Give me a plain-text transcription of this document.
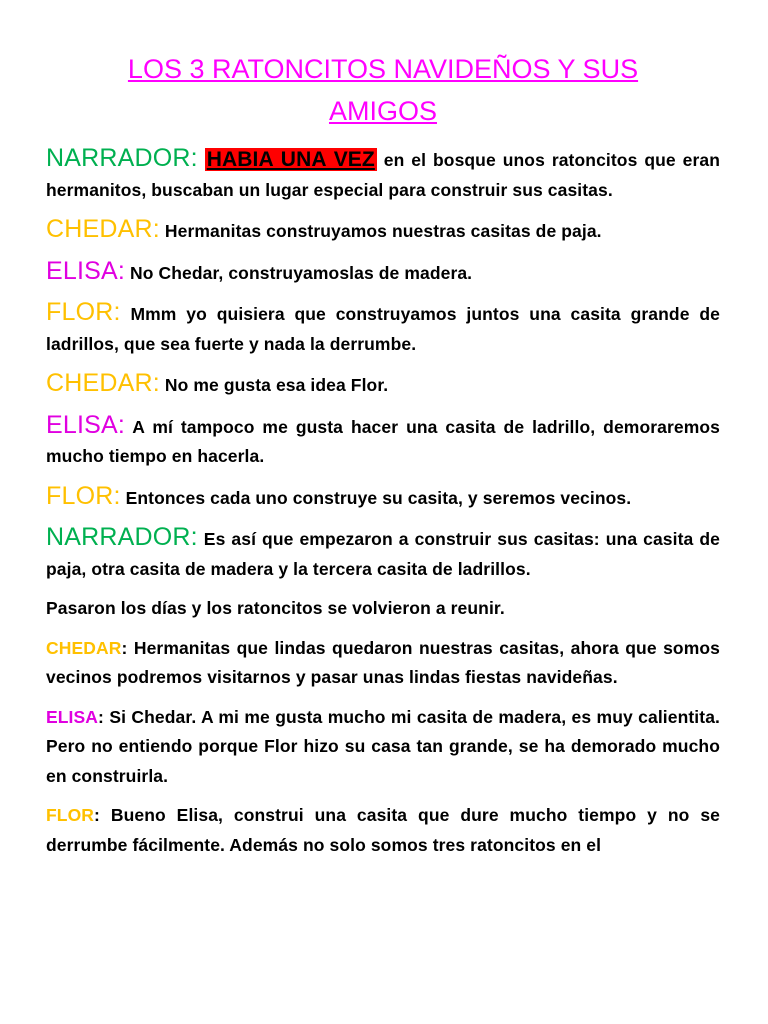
LOS 3 RATONCITOS NAVIDEÑOS Y SUS
AMIGOS

NARRADOR: HABIA UNA VEZ en el bosque unos ratoncitos que eran hermanitos, buscaban un lugar especial para construir sus casitas.

CHEDAR: Hermanitas construyamos nuestras casitas de paja.

ELISA: No Chedar, construyamoslas de madera.

FLOR: Mmm yo quisiera que construyamos juntos una casita grande de ladrillos, que sea fuerte y nada la derrumbe.

CHEDAR: No me gusta esa idea Flor.

ELISA: A mí tampoco me gusta hacer una casita de ladrillo, demoraremos mucho tiempo en hacerla.

FLOR: Entonces cada uno construye su casita, y seremos vecinos.

NARRADOR: Es así que empezaron a construir sus casitas: una casita de paja, otra casita de madera y la tercera casita de ladrillos.

Pasaron los días y los ratoncitos se volvieron a reunir.

CHEDAR: Hermanitas que lindas quedaron nuestras casitas, ahora que somos vecinos podremos visitarnos y pasar unas lindas fiestas navideñas.

ELISA: Si Chedar. A mi me gusta mucho mi casita de madera, es muy calientita. Pero no entiendo porque Flor hizo su casa tan grande, se ha demorado mucho en construirla.

FLOR: Bueno Elisa, construi una casita que dure mucho tiempo y no se derrumbe fácilmente. Además no solo somos tres ratoncitos en el
